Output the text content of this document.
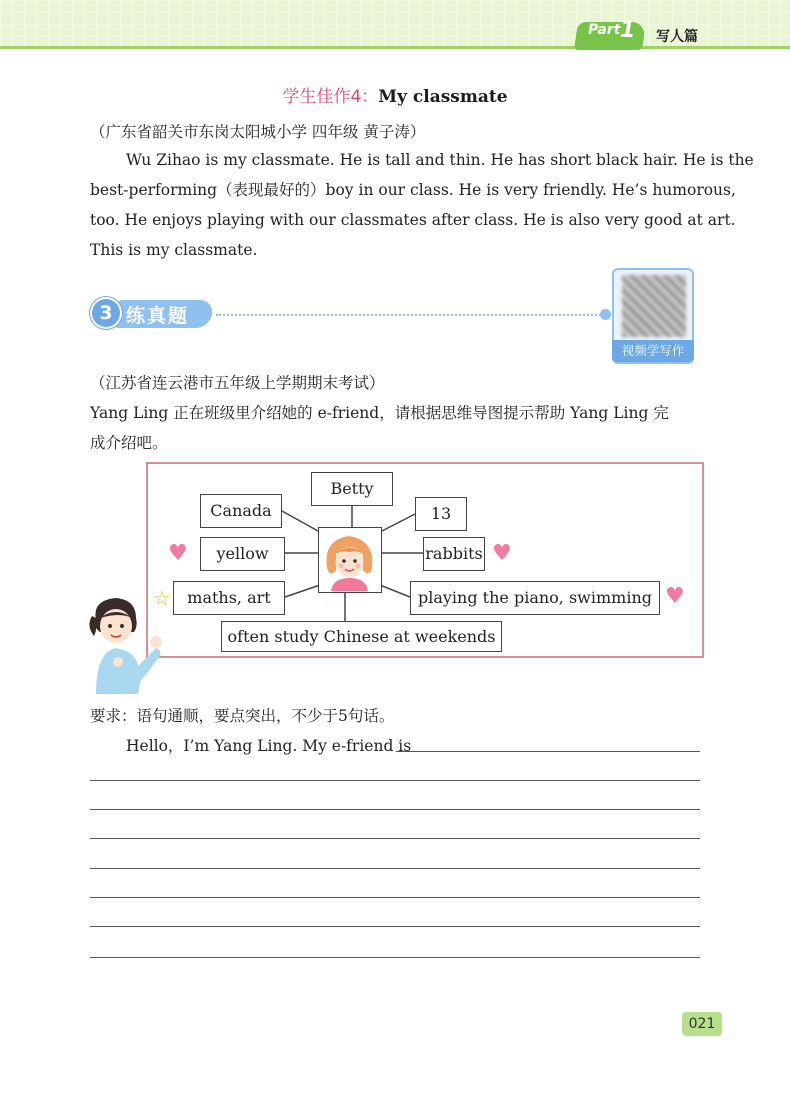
Part 1 写人篇
学生佳作4：My classmate
（广东省韶关市东岗太阳城小学 四年级 黄子涛）
Wu Zihao is my classmate. He is tall and thin. He has short black hair. He is the
best-performing（表现最好的）boy in our class. He is very friendly. He’s humorous,
too. He enjoys playing with our classmates after class. He is also very good at art.
This is my classmate.
3 练真题
视频学写作
（江苏省连云港市五年级上学期期末考试）
Yang Ling 正在班级里介绍她的 e-friend，请根据思维导图提示帮助 Yang Ling 完
成介绍吧。
Betty
Canada	13
yellow	rabbits
maths, art	playing the piano, swimming
often study Chinese at weekends
♥	♥
♥
☆
要求：语句通顺，要点突出，不少于5句话。
Hello，I’m Yang Ling. My e-friend is
021
